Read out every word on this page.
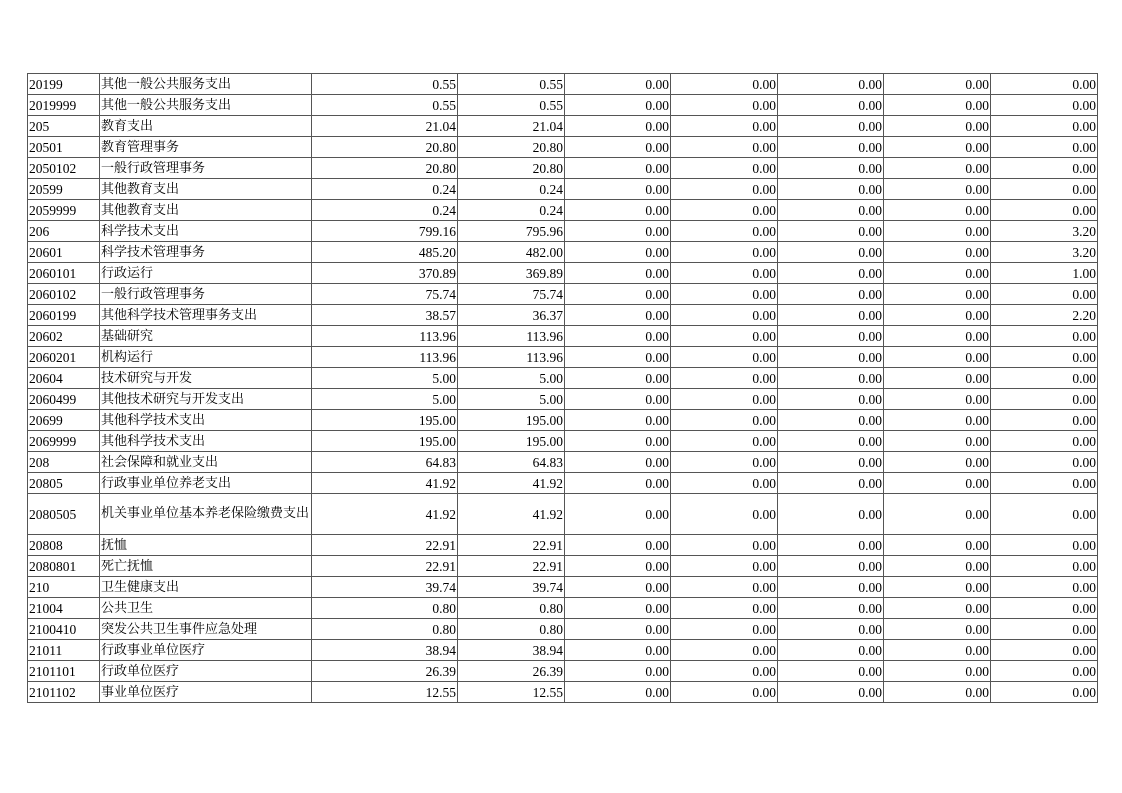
20199	其他一般公共服务支出	0.55	0.55	0.00	0.00	0.00	0.00	0.00
2019999	其他一般公共服务支出	0.55	0.55	0.00	0.00	0.00	0.00	0.00
205	教育支出	21.04	21.04	0.00	0.00	0.00	0.00	0.00
20501	教育管理事务	20.80	20.80	0.00	0.00	0.00	0.00	0.00
2050102	一般行政管理事务	20.80	20.80	0.00	0.00	0.00	0.00	0.00
20599	其他教育支出	0.24	0.24	0.00	0.00	0.00	0.00	0.00
2059999	其他教育支出	0.24	0.24	0.00	0.00	0.00	0.00	0.00
206	科学技术支出	799.16	795.96	0.00	0.00	0.00	0.00	3.20
20601	科学技术管理事务	485.20	482.00	0.00	0.00	0.00	0.00	3.20
2060101	行政运行	370.89	369.89	0.00	0.00	0.00	0.00	1.00
2060102	一般行政管理事务	75.74	75.74	0.00	0.00	0.00	0.00	0.00
2060199	其他科学技术管理事务支出	38.57	36.37	0.00	0.00	0.00	0.00	2.20
20602	基础研究	113.96	113.96	0.00	0.00	0.00	0.00	0.00
2060201	机构运行	113.96	113.96	0.00	0.00	0.00	0.00	0.00
20604	技术研究与开发	5.00	5.00	0.00	0.00	0.00	0.00	0.00
2060499	其他技术研究与开发支出	5.00	5.00	0.00	0.00	0.00	0.00	0.00
20699	其他科学技术支出	195.00	195.00	0.00	0.00	0.00	0.00	0.00
2069999	其他科学技术支出	195.00	195.00	0.00	0.00	0.00	0.00	0.00
208	社会保障和就业支出	64.83	64.83	0.00	0.00	0.00	0.00	0.00
20805	行政事业单位养老支出	41.92	41.92	0.00	0.00	0.00	0.00	0.00
2080505	机关事业单位基本养老保险缴费支出	41.92	41.92	0.00	0.00	0.00	0.00	0.00
20808	抚恤	22.91	22.91	0.00	0.00	0.00	0.00	0.00
2080801	死亡抚恤	22.91	22.91	0.00	0.00	0.00	0.00	0.00
210	卫生健康支出	39.74	39.74	0.00	0.00	0.00	0.00	0.00
21004	公共卫生	0.80	0.80	0.00	0.00	0.00	0.00	0.00
2100410	突发公共卫生事件应急处理	0.80	0.80	0.00	0.00	0.00	0.00	0.00
21011	行政事业单位医疗	38.94	38.94	0.00	0.00	0.00	0.00	0.00
2101101	行政单位医疗	26.39	26.39	0.00	0.00	0.00	0.00	0.00
2101102	事业单位医疗	12.55	12.55	0.00	0.00	0.00	0.00	0.00
